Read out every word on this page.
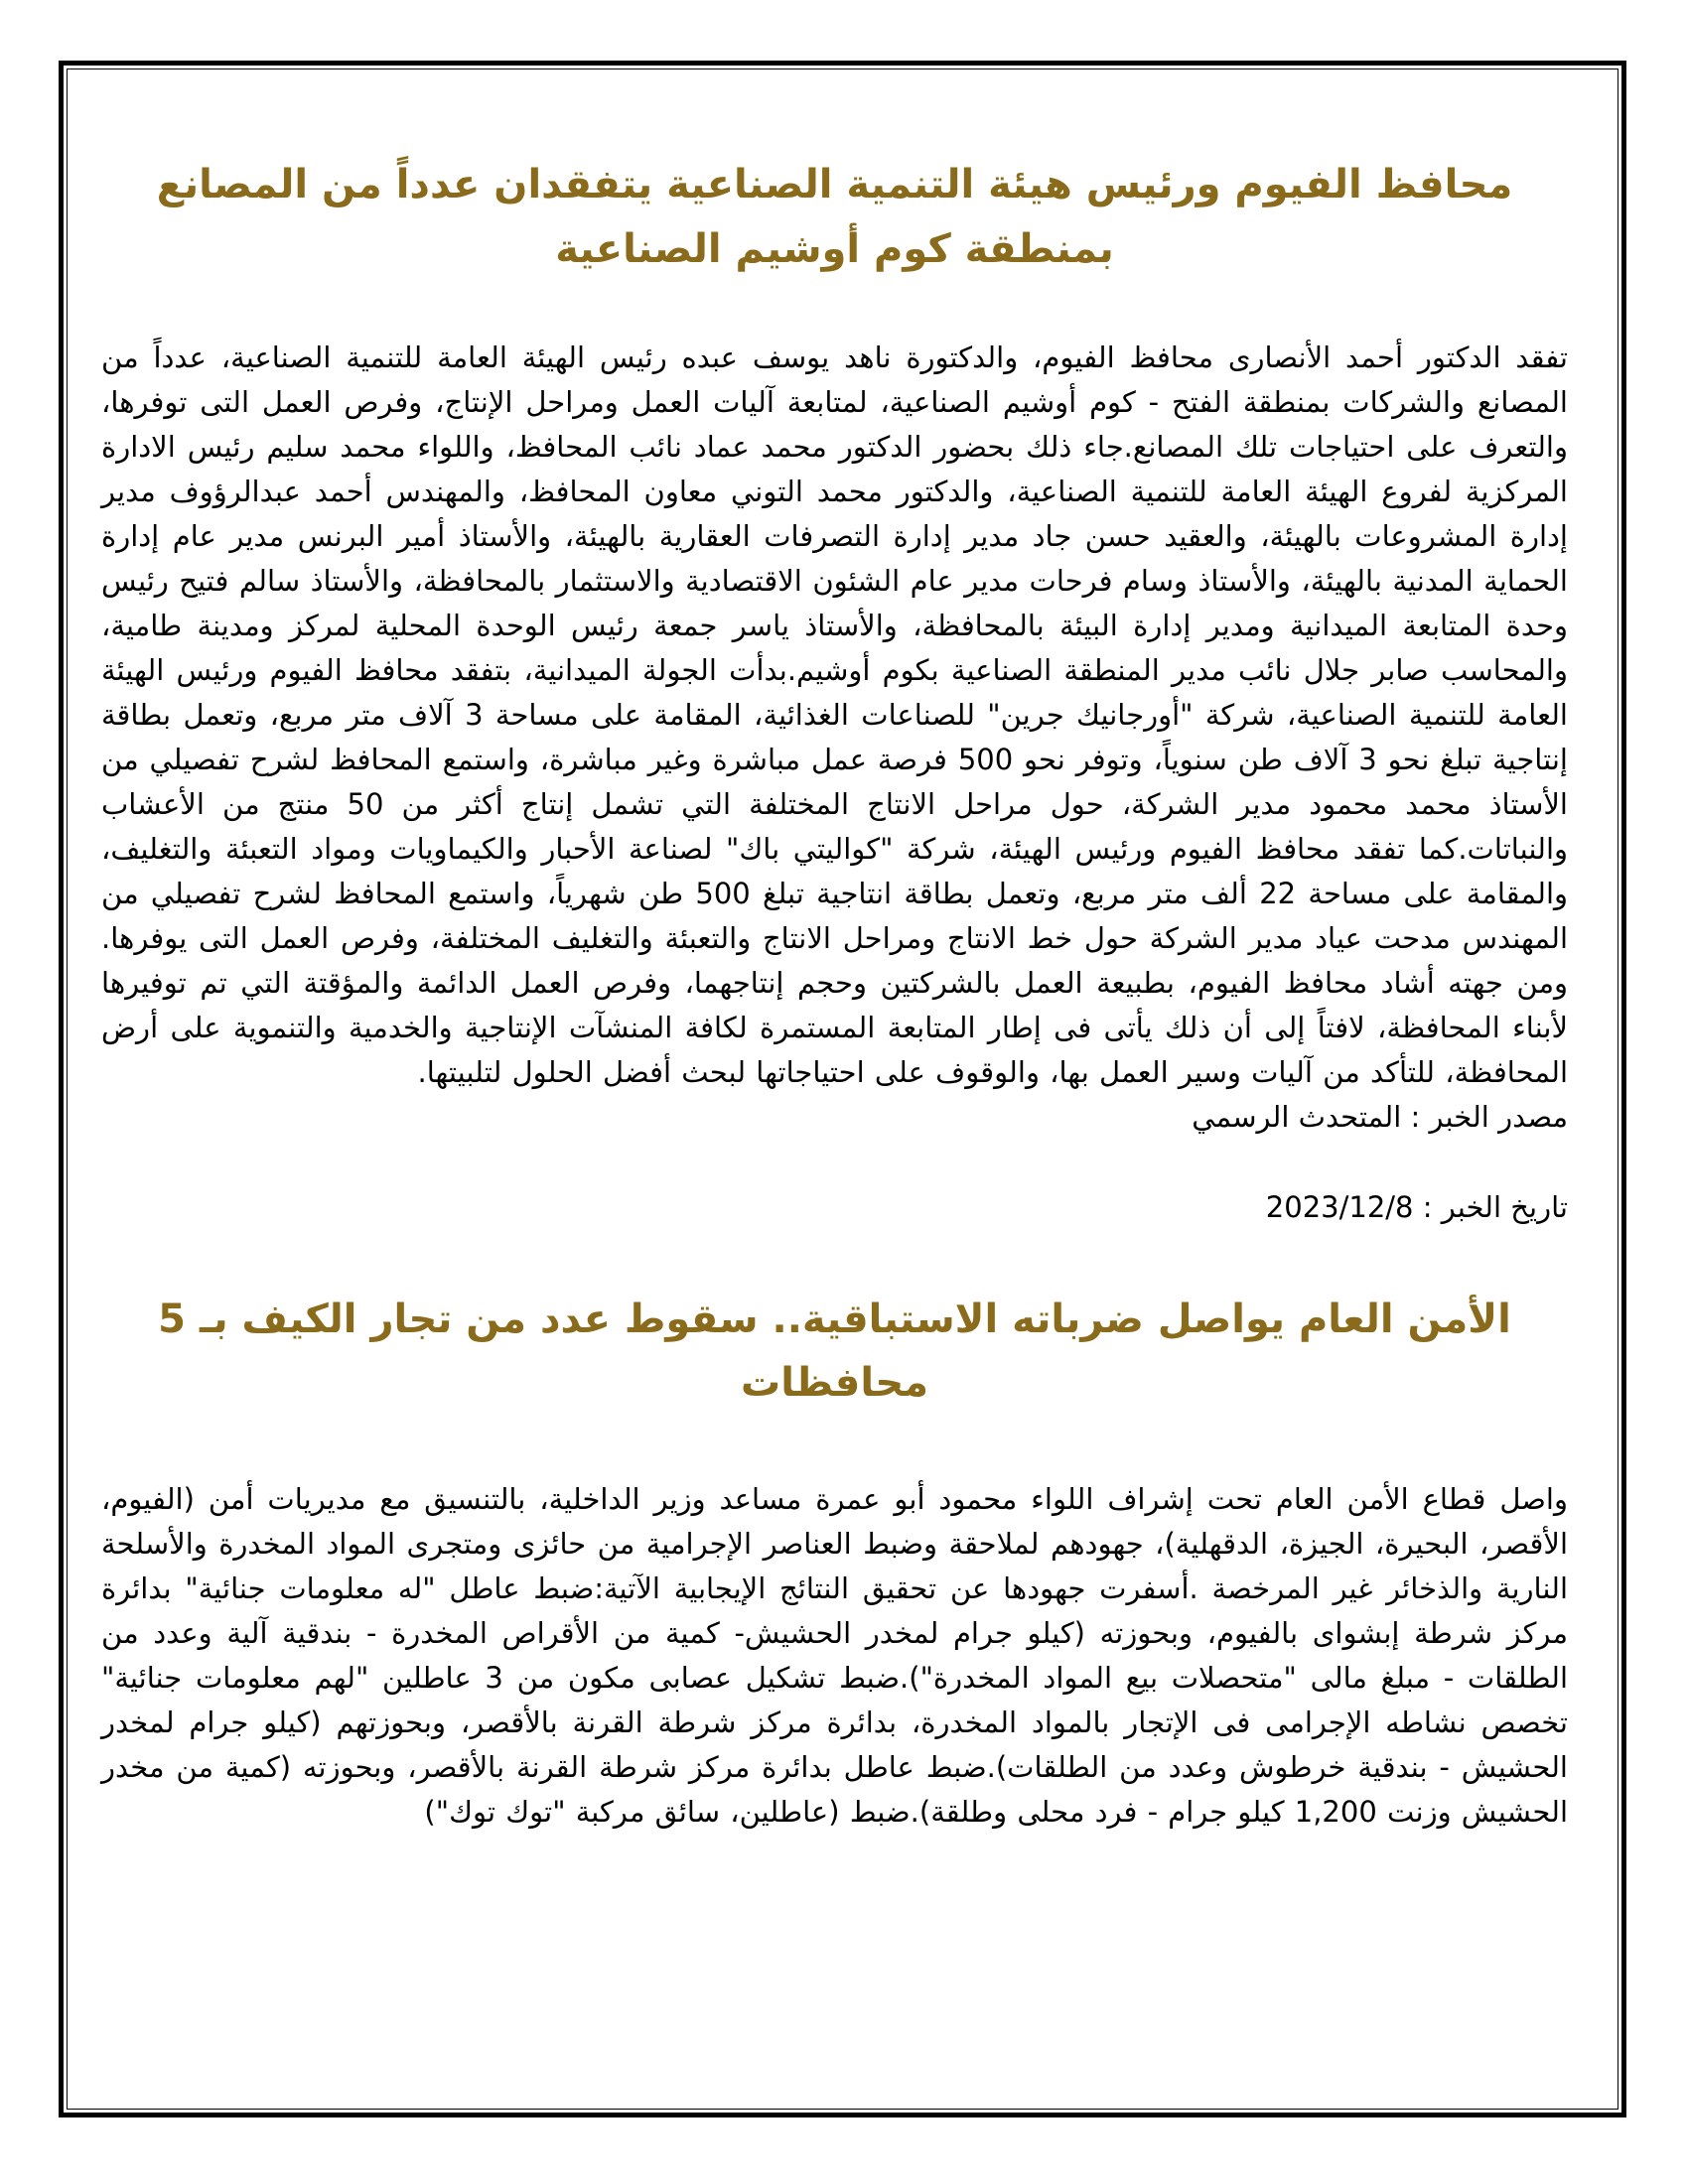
محافظ الفيوم ورئيس هيئة التنمية الصناعية يتفقدان عدداً من المصانع بمنطقة كوم أوشيم الصناعية

تفقد الدكتور أحمد الأنصارى محافظ الفيوم، والدكتورة ناهد يوسف عبده رئيس الهيئة العامة للتنمية الصناعية، عدداً من المصانع والشركات بمنطقة الفتح - كوم أوشيم الصناعية، لمتابعة آليات العمل ومراحل الإنتاج، وفرص العمل التى توفرها، والتعرف على احتياجات تلك المصانع.جاء ذلك بحضور الدكتور محمد عماد نائب المحافظ، واللواء محمد سليم رئيس الادارة المركزية لفروع الهيئة العامة للتنمية الصناعية، والدكتور محمد التوني معاون المحافظ، والمهندس أحمد عبدالرؤوف مدير إدارة المشروعات بالهيئة، والعقيد حسن جاد مدير إدارة التصرفات العقارية بالهيئة، والأستاذ أمير البرنس مدير عام إدارة الحماية المدنية بالهيئة، والأستاذ وسام فرحات مدير عام الشئون الاقتصادية والاستثمار بالمحافظة، والأستاذ سالم فتيح رئيس وحدة المتابعة الميدانية ومدير إدارة البيئة بالمحافظة، والأستاذ ياسر جمعة رئيس الوحدة المحلية لمركز ومدينة طامية، والمحاسب صابر جلال نائب مدير المنطقة الصناعية بكوم أوشيم.بدأت الجولة الميدانية، بتفقد محافظ الفيوم ورئيس الهيئة العامة للتنمية الصناعية، شركة "أورجانيك جرين" للصناعات الغذائية، المقامة على مساحة 3 آلاف متر مربع، وتعمل بطاقة إنتاجية تبلغ نحو 3 آلاف طن سنوياً، وتوفر نحو 500 فرصة عمل مباشرة وغير مباشرة، واستمع المحافظ لشرح تفصيلي من الأستاذ محمد محمود مدير الشركة، حول مراحل الانتاج المختلفة التي تشمل إنتاج أكثر من 50 منتج من الأعشاب والنباتات.كما تفقد محافظ الفيوم ورئيس الهيئة، شركة "كواليتي باك" لصناعة الأحبار والكيماويات ومواد التعبئة والتغليف، والمقامة على مساحة 22 ألف متر مربع، وتعمل بطاقة انتاجية تبلغ 500 طن شهرياً، واستمع المحافظ لشرح تفصيلي من المهندس مدحت عياد مدير الشركة حول خط الانتاج ومراحل الانتاج والتعبئة والتغليف المختلفة، وفرص العمل التى يوفرها. ومن جهته أشاد محافظ الفيوم، بطبيعة العمل بالشركتين وحجم إنتاجهما، وفرص العمل الدائمة والمؤقتة التي تم توفيرها لأبناء المحافظة، لافتاً إلى أن ذلك يأتى فى إطار المتابعة المستمرة لكافة المنشآت الإنتاجية والخدمية والتنموية على أرض المحافظة، للتأكد من آليات وسير العمل بها، والوقوف على احتياجاتها لبحث أفضل الحلول لتلبيتها.

مصدر الخبر : المتحدث الرسمي

تاريخ الخبر : 2023/12/8

الأمن العام يواصل ضرباته الاستباقية.. سقوط عدد من تجار الكيف بـ 5 محافظات

واصل قطاع الأمن العام تحت إشراف اللواء محمود أبو عمرة مساعد وزير الداخلية، بالتنسيق مع مديريات أمن (الفيوم، الأقصر، البحيرة، الجيزة، الدقهلية)، جهودهم لملاحقة وضبط العناصر الإجرامية من حائزى ومتجرى المواد المخدرة والأسلحة النارية والذخائر غير المرخصة .أسفرت جهودها عن تحقيق النتائج الإيجابية الآتية:ضبط عاطل "له معلومات جنائية" بدائرة مركز شرطة إبشواى بالفيوم، وبحوزته (كيلو جرام لمخدر الحشيش- كمية من الأقراص المخدرة - بندقية آلية وعدد من الطلقات - مبلغ مالى "متحصلات بيع المواد المخدرة").ضبط تشكيل عصابى مكون من 3 عاطلين "لهم معلومات جنائية" تخصص نشاطه الإجرامى فى الإتجار بالمواد المخدرة، بدائرة مركز شرطة القرنة بالأقصر، وبحوزتهم (كيلو جرام لمخدر الحشيش - بندقية خرطوش وعدد من الطلقات).ضبط عاطل بدائرة مركز شرطة القرنة بالأقصر، وبحوزته (كمية من مخدر الحشيش وزنت 1,200 كيلو جرام - فرد محلى وطلقة).ضبط (عاطلين، سائق مركبة "توك توك")
